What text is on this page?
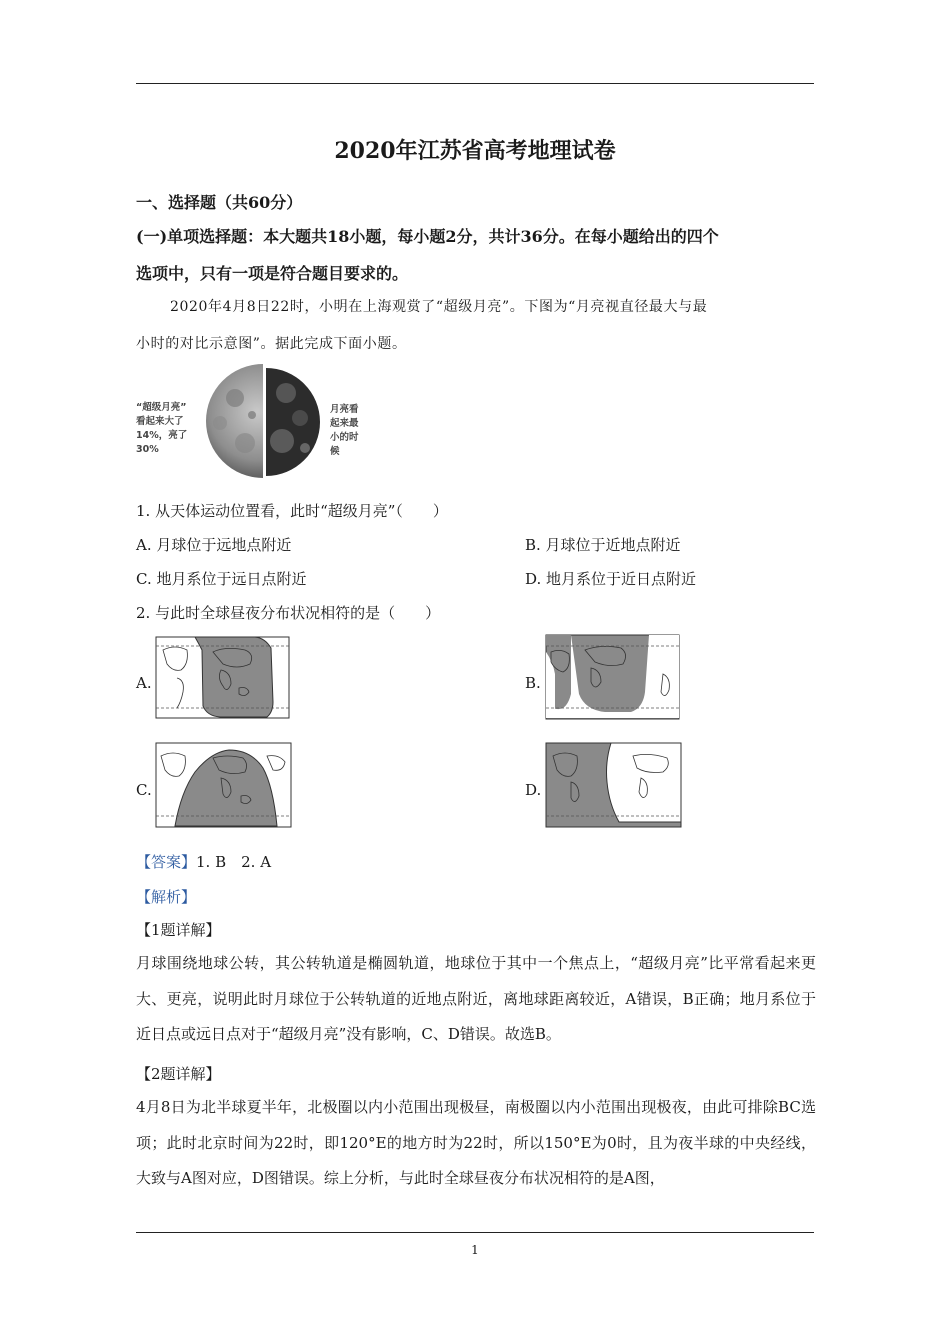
2020年江苏省高考地理试卷
一、选择题（共60分）
(一)单项选择题：本大题共18小题，每小题2分，共计36分。在每小题给出的四个
选项中，只有一项是符合题目要求的。
2020年4月8日22时，小明在上海观赏了“超级月亮”。下图为“月亮视直径最大与最
小时的对比示意图”。据此完成下面小题。
“超级月亮”
看起来大了
14%，亮了
30%
月亮看
起来最
小的时
候
1. 从天体运动位置看，此时“超级月亮”（　　）
A. 月球位于远地点附近	B. 月球位于近地点附近
C. 地月系位于远日点附近	D. 地月系位于近日点附近
2. 与此时全球昼夜分布状况相符的是（　　）
A.	B.
C.	D.
【答案】1. B　2. A
【解析】
【1题详解】
月球围绕地球公转，其公转轨道是椭圆轨道，地球位于其中一个焦点上，“超级月亮”比平常看起来更大、更亮，说明此时月球位于公转轨道的近地点附近，离地球距离较近，A错误，B正确；地月系位于近日点或远日点对于“超级月亮”没有影响，C、D错误。故选B。
【2题详解】
4月8日为北半球夏半年，北极圈以内小范围出现极昼，南极圈以内小范围出现极夜，由此可排除BC选项；此时北京时间为22时，即120°E的地方时为22时，所以150°E为0时，且为夜半球的中央经线，大致与A图对应，D图错误。综上分析，与此时全球昼夜分布状况相符的是A图，
1
